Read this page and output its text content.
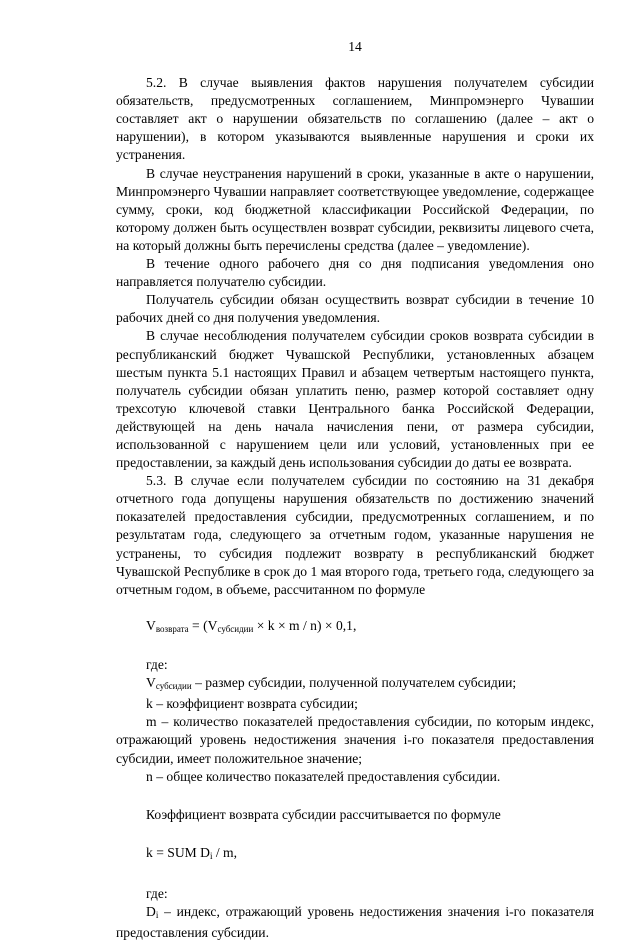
14

5.2. В случае выявления фактов нарушения получателем субсидии обязательств, предусмотренных соглашением, Минпромэнерго Чувашии составляет акт о нарушении обязательств по соглашению (далее – акт о нарушении), в котором указываются выявленные нарушения и сроки их устранения.

В случае неустранения нарушений в сроки, указанные в акте о нарушении, Минпромэнерго Чувашии направляет соответствующее уведомление, содержащее сумму, сроки, код бюджетной классификации Российской Федерации, по которому должен быть осуществлен возврат субсидии, реквизиты лицевого счета, на который должны быть перечислены средства (далее – уведомление).

В течение одного рабочего дня со дня подписания уведомления оно направляется получателю субсидии.

Получатель субсидии обязан осуществить возврат субсидии в течение 10 рабочих дней со дня получения уведомления.

В случае несоблюдения получателем субсидии сроков возврата субсидии в республиканский бюджет Чувашской Республики, установленных абзацем шестым пункта 5.1 настоящих Правил и абзацем четвертым настоящего пункта, получатель субсидии обязан уплатить пеню, размер которой составляет одну трехсотую ключевой ставки Центрального банка Российской Федерации, действующей на день начала начисления пени, от размера субсидии, использованной с нарушением цели или условий, установленных при ее предоставлении, за каждый день использования субсидии до даты ее возврата.

5.3. В случае если получателем субсидии по состоянию на 31 декабря отчетного года допущены нарушения обязательств по достижению значений показателей предоставления субсидии, предусмотренных соглашением, и по результатам года, следующего за отчетным годом, указанные нарушения не устранены, то субсидия подлежит возврату в республиканский бюджет Чувашской Республике в срок до 1 мая второго года, третьего года, следующего за отчетным годом, в объеме, рассчитанном по формуле

$V_{возврата} = (V_{субсидии} \times k \times m / n) \times 0,1$,

где:

$V_{субсидии}$ – размер субсидии, полученной получателем субсидии;

k – коэффициент возврата субсидии;

m – количество показателей предоставления субсидии, по которым индекс, отражающий уровень недостижения значения i-го показателя предоставления субсидии, имеет положительное значение;

n – общее количество показателей предоставления субсидии.

Коэффициент возврата субсидии рассчитывается по формуле

k = SUM $D_i$ / m,

где:

$D_i$ – индекс, отражающий уровень недостижения значения i-го показателя предоставления субсидии.
